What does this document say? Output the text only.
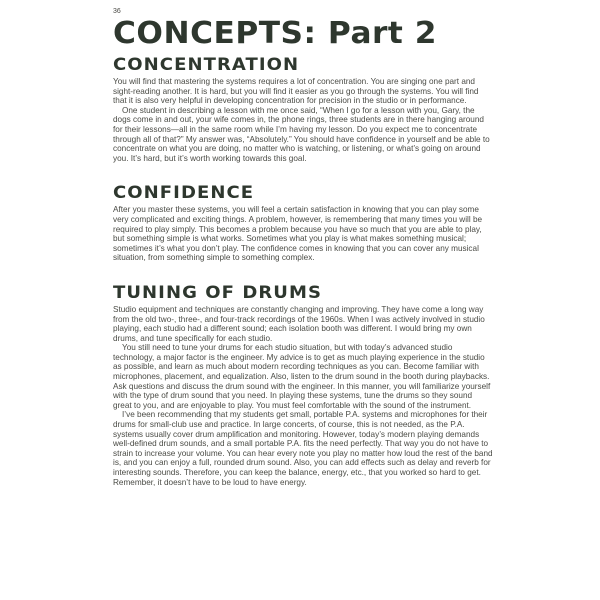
36
CONCEPTS: Part 2
CONCENTRATION

You will find that mastering the systems requires a lot of concentration. You are singing one part and sight-reading another. It is hard, but you will find it easier as you go through the systems. You will find that it is also very helpful in developing concentration for precision in the studio or in performance.

One student in describing a lesson with me once said, “When I go for a lesson with you, Gary, the dogs come in and out, your wife comes in, the phone rings, three students are in there hanging around for their lessons—all in the same room while I’m having my lesson. Do you expect me to concentrate through all of that?” My answer was, “Absolutely.” You should have confidence in yourself and be able to concentrate on what you are doing, no matter who is watching, or listening, or what’s going on around you. It’s hard, but it’s worth working towards this goal.

CONFIDENCE

After you master these systems, you will feel a certain satisfaction in knowing that you can play some very complicated and exciting things. A problem, however, is remembering that many times you will be required to play simply. This becomes a problem because you have so much that you are able to play, but something simple is what works. Sometimes what you play is what makes something musical; sometimes it’s what you don’t play. The confidence comes in knowing that you can cover any musical situation, from something simple to something complex.

TUNING OF DRUMS

Studio equipment and techniques are constantly changing and improving. They have come a long way from the old two-, three-, and four-track recordings of the 1960s. When I was actively involved in studio playing, each studio had a different sound; each isolation booth was different. I would bring my own drums, and tune specifically for each studio.

You still need to tune your drums for each studio situation, but with today’s advanced studio technology, a major factor is the engineer. My advice is to get as much playing experience in the studio as possible, and learn as much about modern recording techniques as you can. Become familiar with microphones, placement, and equalization. Also, listen to the drum sound in the booth during playbacks. Ask questions and discuss the drum sound with the engineer. In this manner, you will familiarize yourself with the type of drum sound that you need. In playing these systems, tune the drums so they sound great to you, and are enjoyable to play. You must feel comfortable with the sound of the instrument.

I’ve been recommending that my students get small, portable P.A. systems and microphones for their drums for small-club use and practice. In large concerts, of course, this is not needed, as the P.A. systems usually cover drum amplification and monitoring. However, today’s modern playing demands well-defined drum sounds, and a small portable P.A. fits the need perfectly. That way you do not have to strain to increase your volume. You can hear every note you play no matter how loud the rest of the band is, and you can enjoy a full, rounded drum sound. Also, you can add effects such as delay and reverb for interesting sounds. Therefore, you can keep the balance, energy, etc., that you worked so hard to get. Remember, it doesn’t have to be loud to have energy.
